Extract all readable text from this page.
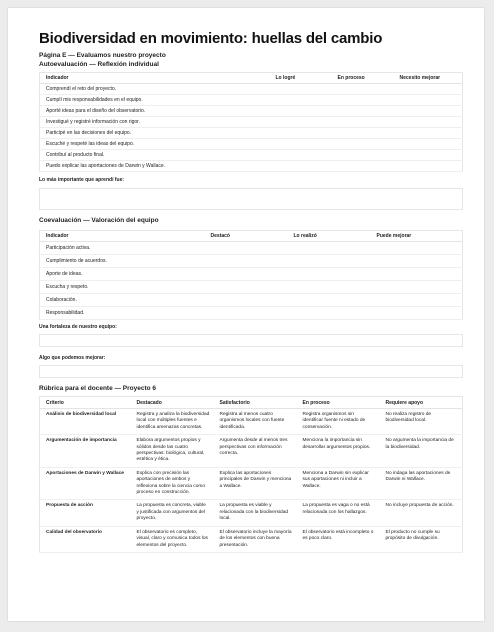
Biodiversidad en movimiento: huellas del cambio

Página E — Evaluamos nuestro proyecto

Autoevaluación — Reflexión individual

Indicador	Lo logré	En proceso	Necesito mejorar
Comprendí el reto del proyecto.
Cumplí mis responsabilidades en el equipo.
Aporté ideas para el diseño del observatorio.
Investigué y registré información con rigor.
Participé en las decisiones del equipo.
Escuché y respeté las ideas del equipo.
Contribuí al producto final.
Puedo explicar las aportaciones de Darwin y Wallace.

Lo más importante que aprendí fue:

Coevaluación — Valoración del equipo

Indicador	Destacó	Lo realizó	Puede mejorar
Participación activa.
Cumplimiento de acuerdos.
Aporte de ideas.
Escucha y respeto.
Colaboración.
Responsabilidad.

Una fortaleza de nuestro equipo:

Algo que podemos mejorar:

Rúbrica para el docente — Proyecto 6

Criterio	Destacado	Satisfactorio	En proceso	Requiere apoyo
Análisis de biodiversidad local	Registra y analiza la biodiversidad local con múltiples fuentes e identifica amenazas concretas.	Registra al menos cuatro organismos locales con fuente identificada.	Registra organismos sin identificar fuente ni estado de conservación.	No realiza registro de biodiversidad local.
Argumentación de importancia	Elabora argumentos propios y sólidos desde las cuatro perspectivas: biológica, cultural, estética y ética.	Argumenta desde al menos tres perspectivas con información correcta.	Menciona la importancia sin desarrollar argumentos propios.	No argumenta la importancia de la biodiversidad.
Aportaciones de Darwin y Wallace	Explica con precisión las aportaciones de ambos y reflexiona sobre la ciencia como proceso en construcción.	Explica las aportaciones principales de Darwin y menciona a Wallace.	Menciona a Darwin sin explicar sus aportaciones ni incluir a Wallace.	No indaga las aportaciones de Darwin ni Wallace.
Propuesta de acción	La propuesta es concreta, viable y justificada con argumentos del proyecto.	La propuesta es viable y relacionada con la biodiversidad local.	La propuesta es vaga o no está relacionada con los hallazgos.	No incluye propuesta de acción.
Calidad del observatorio	El observatorio es completo, visual, claro y comunica todos los elementos del proyecto.	El observatorio incluye la mayoría de los elementos con buena presentación.	El observatorio está incompleto o es poco claro.	El producto no cumple su propósito de divulgación.
